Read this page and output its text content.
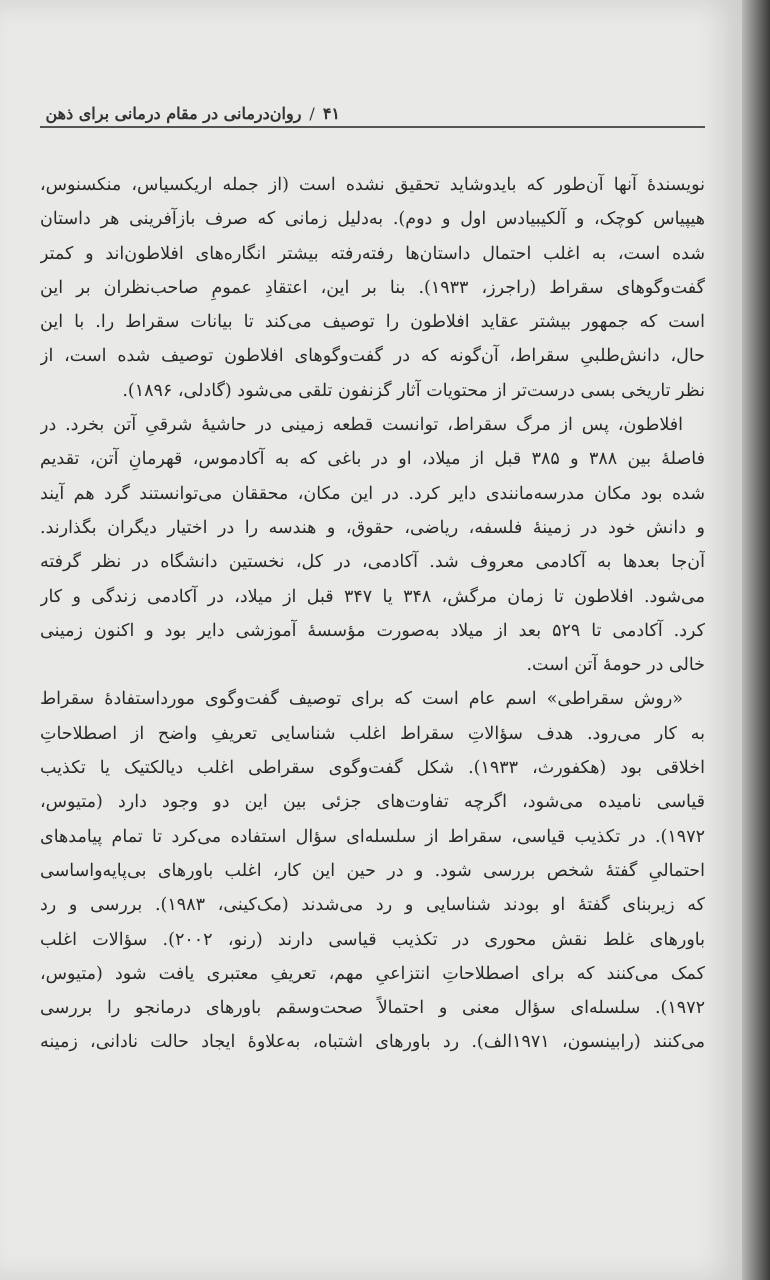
۴۱
/
روان‌درمانی در مقام درمانی برای ذهن
نویسندهٔ آنها آن‌طور که بایدوشاید تحقیق نشده است (از جمله اریکسیاس، منکسنوس،
هیپیاس کوچک، و آلکیبیادس اول و دوم). به‌دلیل زمانی که صرف بازآفرینی هر داستان
شده است، به اغلب احتمال داستان‌ها رفته‌رفته بیشتر انگاره‌های افلاطون‌اند و کمتر
گفت‌وگوهای سقراط (راجرز، ۱۹۳۳). بنا بر این، اعتقادِ عمومِ صاحب‌نظران بر این
است که جمهور بیشتر عقاید افلاطون را توصیف می‌کند تا بیانات سقراط را. با این
حال، دانش‌طلبیِ سقراط، آن‌گونه که در گفت‌وگوهای افلاطون توصیف شده است، از
نظر تاریخی بسی درست‌تر از محتویات آثار گزنفون تلقی می‌شود (گادلی، ۱۸۹۶).
افلاطون، پس از مرگ سقراط، توانست قطعه زمینی در حاشیهٔ شرقیِ آتن بخرد. در
فاصلهٔ بین ۳۸۸ و ۳۸۵ قبل از میلاد، او در باغی که به آکادموس، قهرمانِ آتن، تقدیم
شده بود مکان مدرسه‌مانندی دایر کرد. در این مکان، محققان می‌توانستند گرد هم آیند
و دانش خود در زمینهٔ فلسفه، ریاضی، حقوق، و هندسه را در اختیار دیگران بگذارند.
آن‌جا بعدها به آکادمی معروف شد. آکادمی، در کل، نخستین دانشگاه در نظر گرفته
می‌شود. افلاطون تا زمان مرگش، ۳۴۸ یا ۳۴۷ قبل از میلاد، در آکادمی زندگی و کار
کرد. آکادمی تا ۵۲۹ بعد از میلاد به‌صورت مؤسسهٔ آموزشی دایر بود و اکنون زمینی
خالی در حومهٔ آتن است.
«روش سقراطی» اسم عام است که برای توصیف گفت‌وگوی مورداستفادهٔ سقراط
به کار می‌رود. هدف سؤالاتِ سقراط اغلب شناسایی تعریفِ واضح از اصطلاحاتِ
اخلاقی بود (هکفورث، ۱۹۳۳). شکل گفت‌وگوی سقراطی اغلب دیالکتیک یا تکذیب
قیاسی نامیده می‌شود، اگرچه تفاوت‌های جزئی بین این دو وجود دارد (متیوس،
۱۹۷۲). در تکذیب قیاسی، سقراط از سلسله‌ای سؤال استفاده می‌کرد تا تمام پیامدهای
احتمالیِ گفتهٔ شخص بررسی شود. و در حین این کار، اغلب باورهای بی‌پایه‌واساسی
که زیربنای گفتهٔ او بودند شناسایی و رد می‌شدند (مک‌کینی، ۱۹۸۳). بررسی و رد
باورهای غلط نقش محوری در تکذیب قیاسی دارند (رنو، ۲۰۰۲). سؤالات اغلب
کمک می‌کنند که برای اصطلاحاتِ انتزاعیِ مهم، تعریفِ معتبری یافت شود (متیوس،
۱۹۷۲). سلسله‌ای سؤال معنی و احتمالاً صحت‌وسقم باورهای درمانجو را بررسی
می‌کنند (رابینسون، ۱۹۷۱الف). رد باورهای اشتباه، به‌علاوهٔ ایجاد حالت نادانی، زمینه
